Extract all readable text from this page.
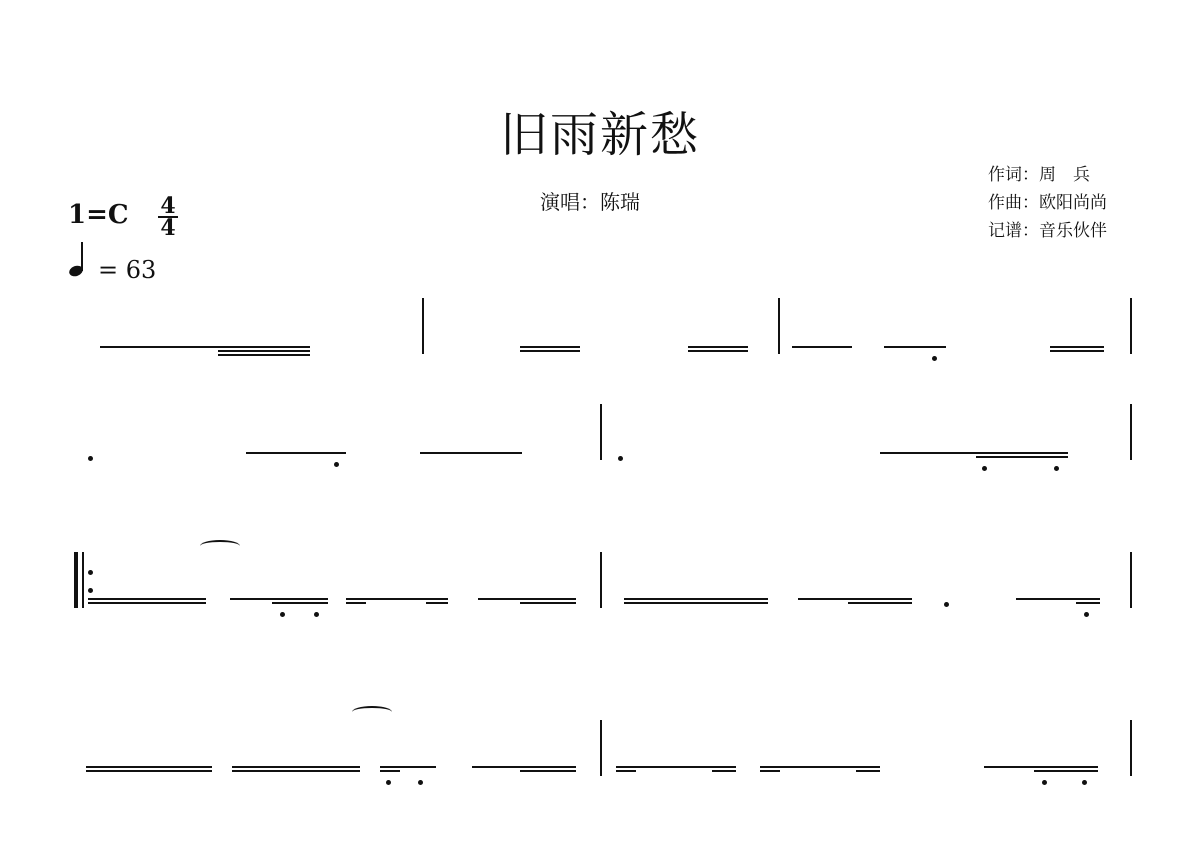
旧雨新愁
演唱：陈瑞
作词：周　兵
作曲：欧阳尚尚
记谱：音乐伙伴
$1=C \frac{4}{4}$
= 63
